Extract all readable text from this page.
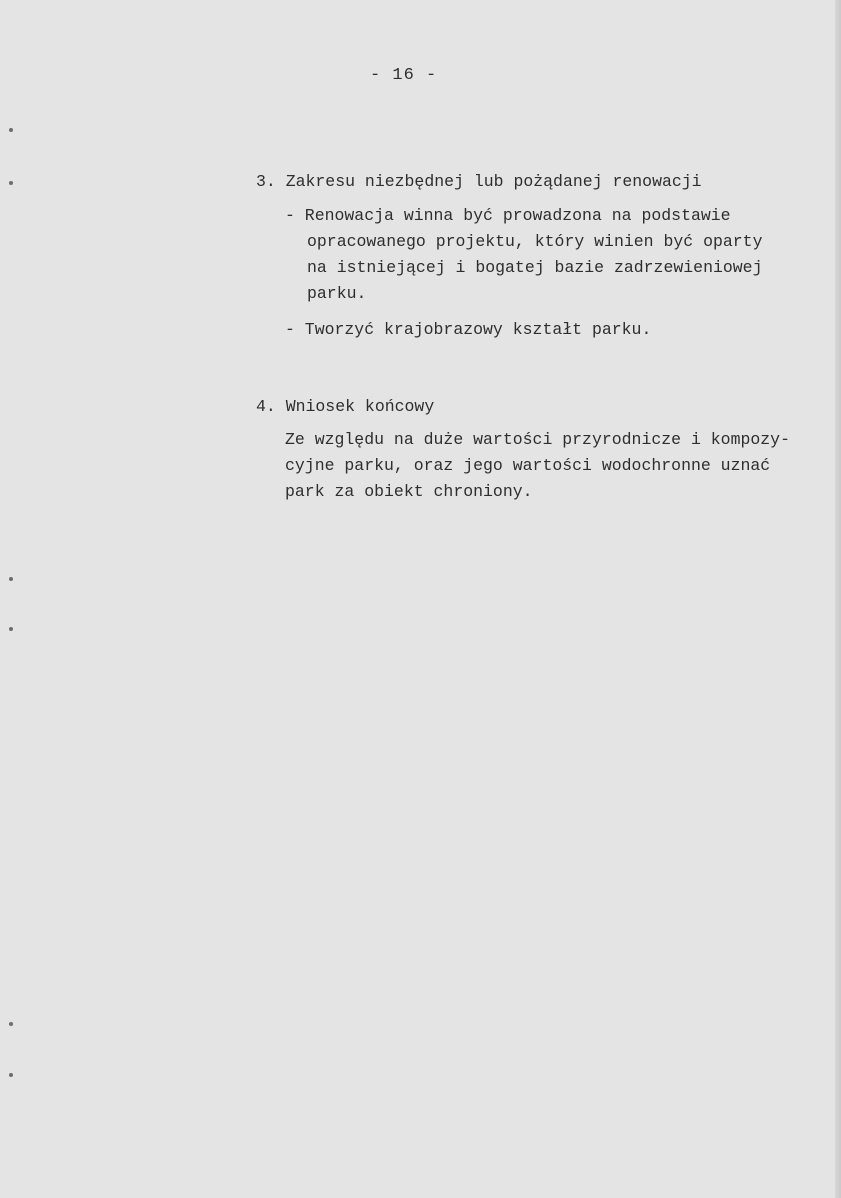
- 16 -

3. Zakresu niezbędnej lub pożądanej renowacji

- Renowacja winna być prowadzona na podstawie

opracowanego projektu, który winien być oparty

na istniejącej i bogatej bazie zadrzewieniowej

parku.

- Tworzyć krajobrazowy kształt parku.

4. Wniosek końcowy

Ze względu na duże wartości przyrodnicze i kompozy-

cyjne parku, oraz jego wartości wodochronne uznać

park za obiekt chroniony.
